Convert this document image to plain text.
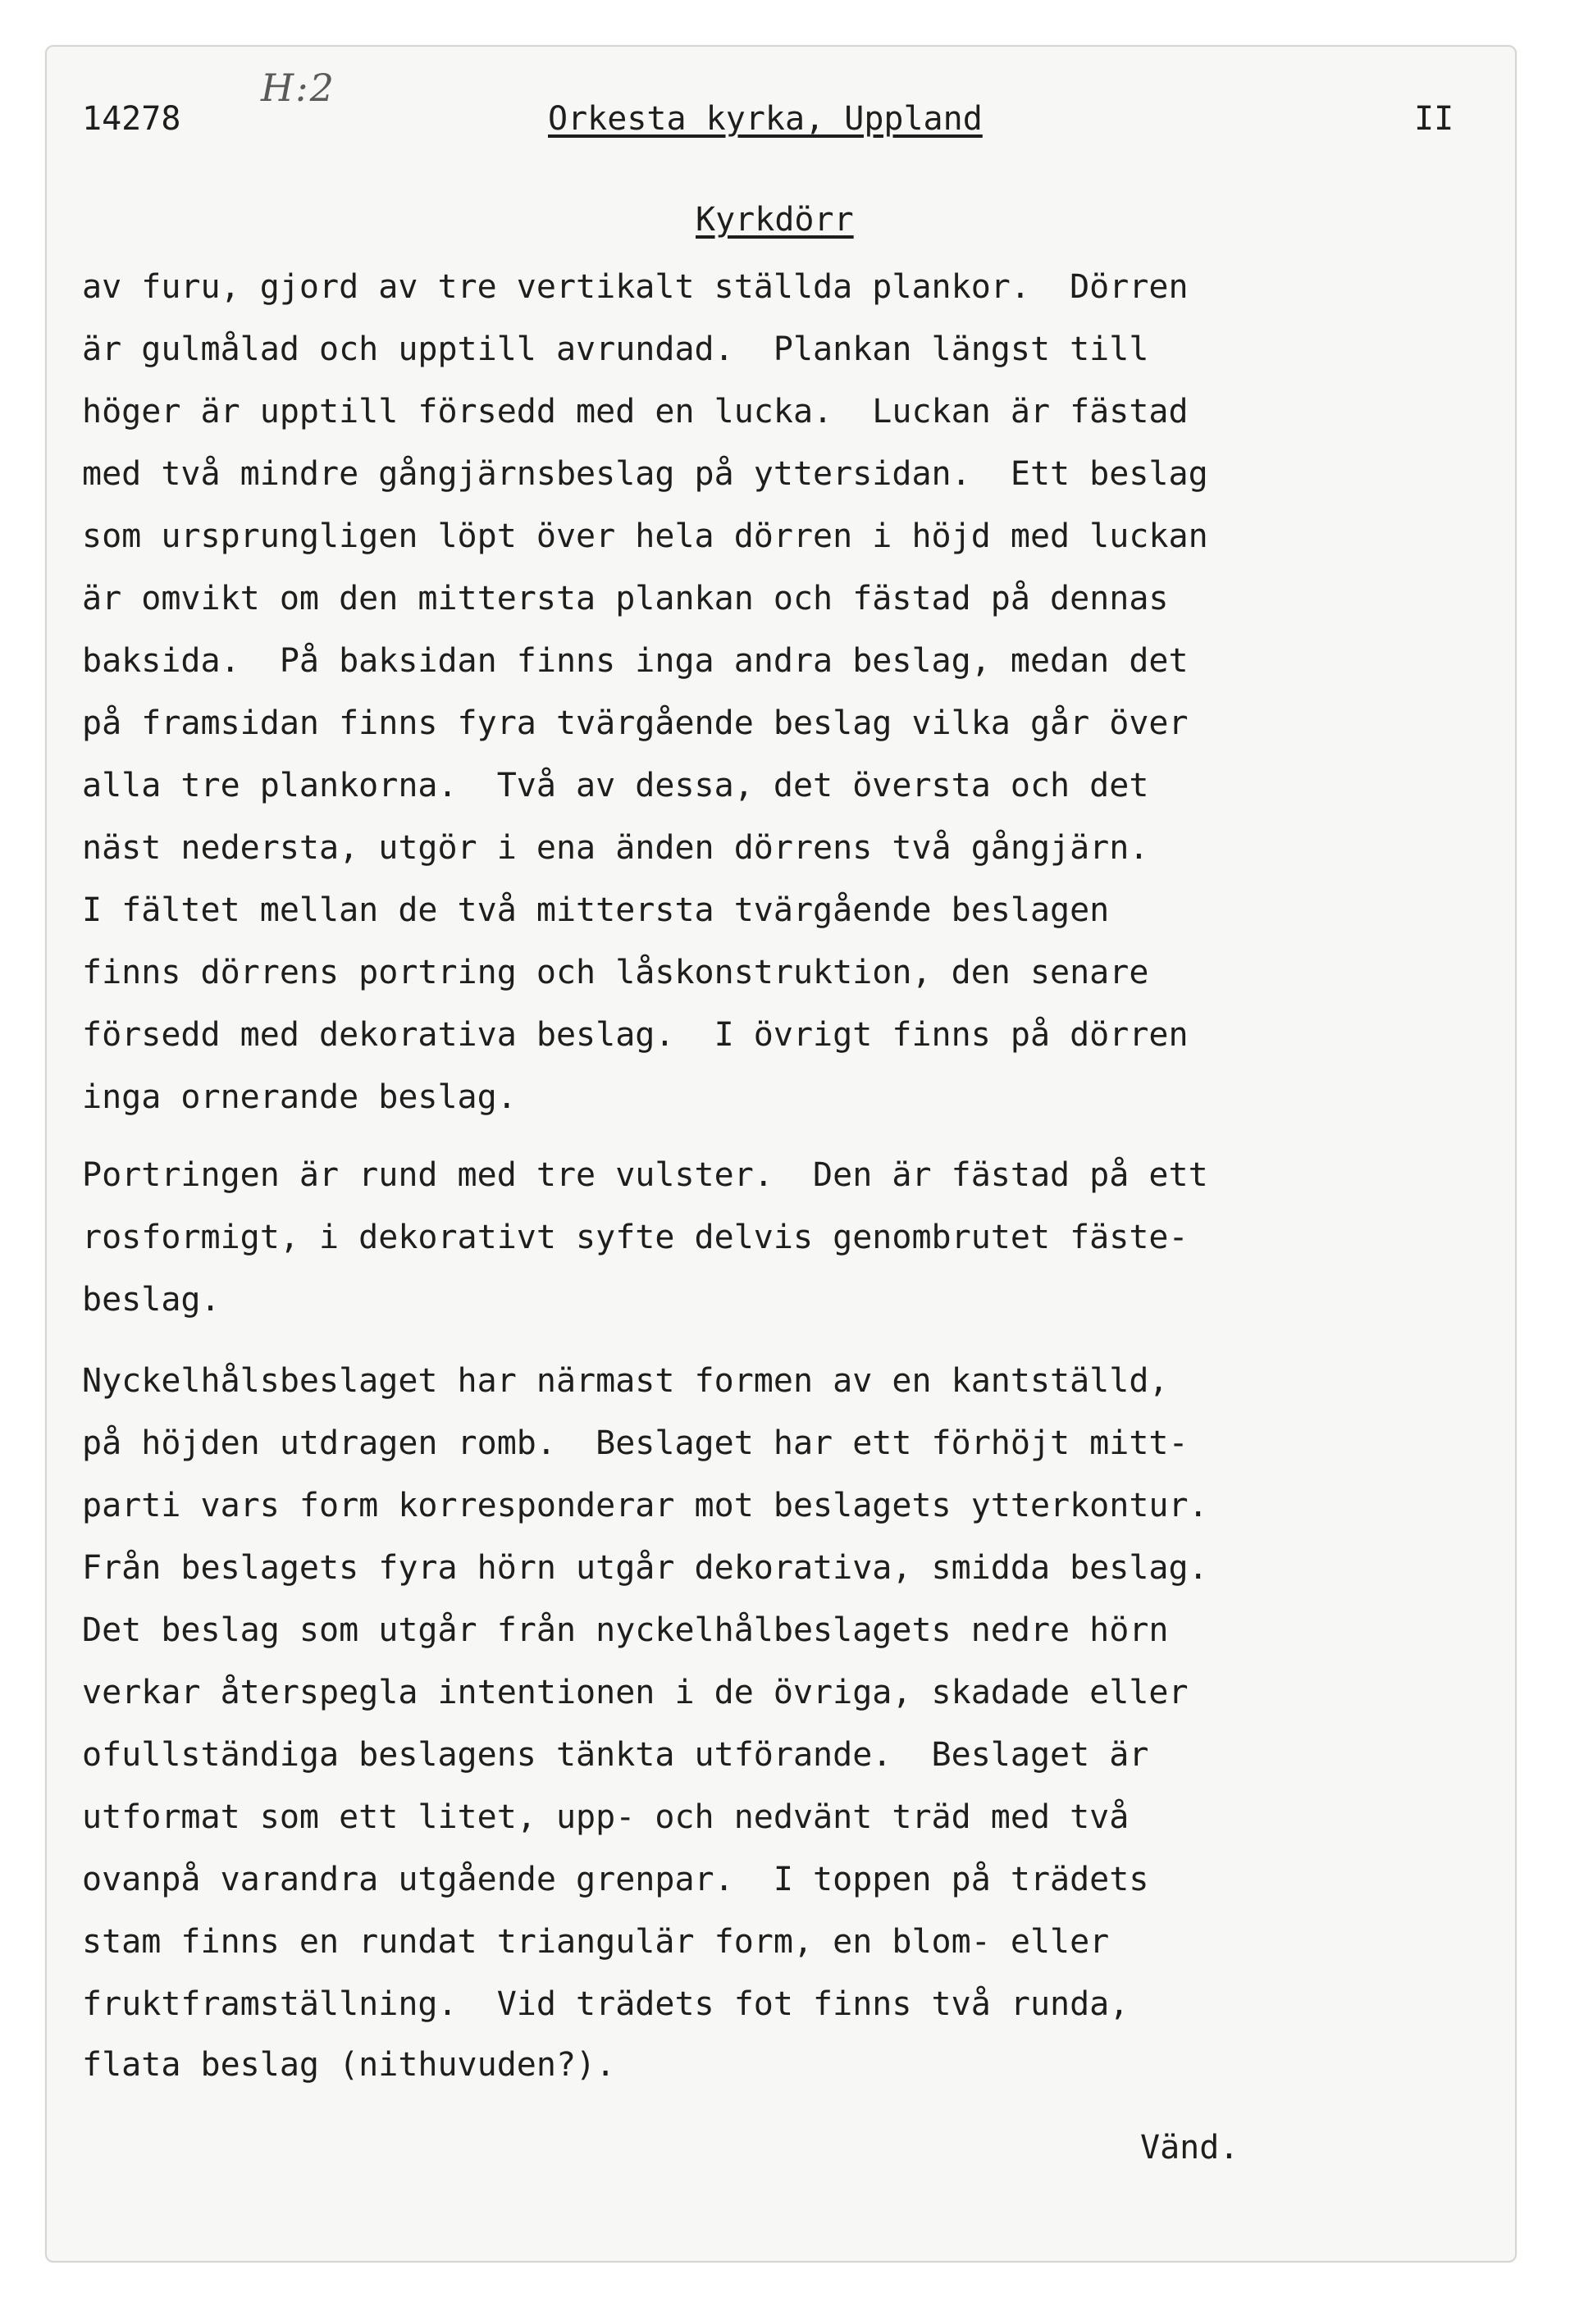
H:2
14278	Orkesta kyrka, Uppland	II
Kyrkdörr
av furu, gjord av tre vertikalt ställda plankor.  Dörren
är gulmålad och upptill avrundad.  Plankan längst till
höger är upptill försedd med en lucka.  Luckan är fästad
med två mindre gångjärnsbeslag på yttersidan.  Ett beslag
som ursprungligen löpt över hela dörren i höjd med luckan
är omvikt om den mittersta plankan och fästad på dennas
baksida.  På baksidan finns inga andra beslag, medan det
på framsidan finns fyra tvärgående beslag vilka går över
alla tre plankorna.  Två av dessa, det översta och det
näst nedersta, utgör i ena änden dörrens två gångjärn.
I fältet mellan de två mittersta tvärgående beslagen
finns dörrens portring och låskonstruktion, den senare
försedd med dekorativa beslag.  I övrigt finns på dörren
inga ornerande beslag.
Portringen är rund med tre vulster.  Den är fästad på ett
rosformigt, i dekorativt syfte delvis genombrutet fäste-
beslag.
Nyckelhålsbeslaget har närmast formen av en kantställd,
på höjden utdragen romb.  Beslaget har ett förhöjt mitt-
parti vars form korresponderar mot beslagets ytterkontur.
Från beslagets fyra hörn utgår dekorativa, smidda beslag.
Det beslag som utgår från nyckelhålbeslagets nedre hörn
verkar återspegla intentionen i de övriga, skadade eller
ofullständiga beslagens tänkta utförande.  Beslaget är
utformat som ett litet, upp- och nedvänt träd med två
ovanpå varandra utgående grenpar.  I toppen på trädets
stam finns en rundat triangulär form, en blom- eller
fruktframställning.  Vid trädets fot finns två runda,
flata beslag (nithuvuden?).
Vänd.
